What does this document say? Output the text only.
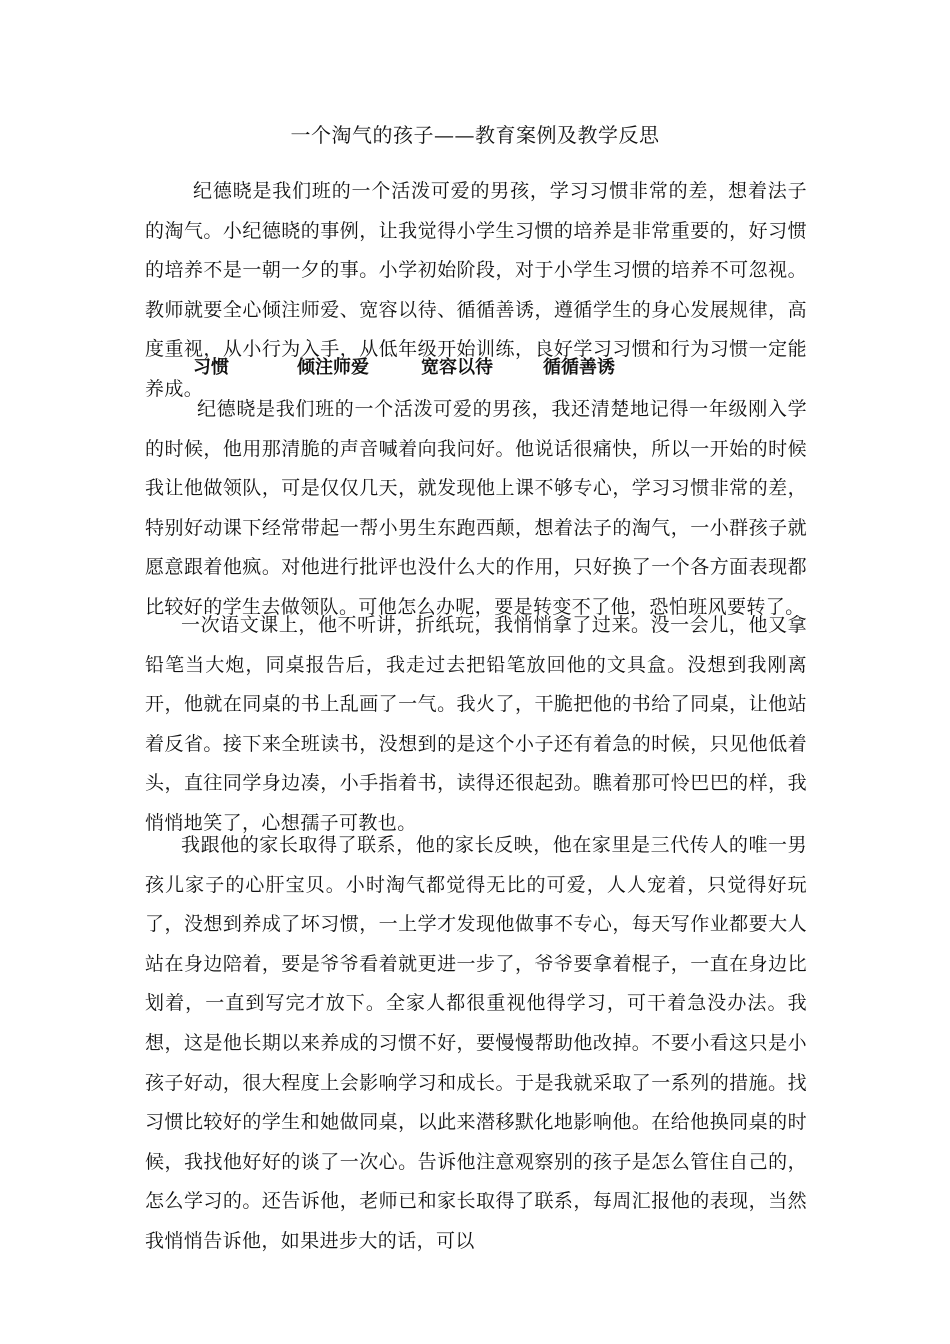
一个淘气的孩子——教育案例及教学反思

纪德晓是我们班的一个活泼可爱的男孩，学习习惯非常的差，想着法子的淘气。小纪德晓的事例，让我觉得小学生习惯的培养是非常重要的，好习惯的培养不是一朝一夕的事。小学初始阶段，对于小学生习惯的培养不可忽视。教师就要全心倾注师爱、宽容以待、循循善诱，遵循学生的身心发展规律，高度重视，从小行为入手，从低年级开始训练，良好学习习惯和行为习惯一定能养成。

习惯	倾注师爱	宽容以待	循循善诱

纪德晓是我们班的一个活泼可爱的男孩，我还清楚地记得一年级刚入学的时候，他用那清脆的声音喊着向我问好。他说话很痛快，所以一开始的时候我让他做领队，可是仅仅几天，就发现他上课不够专心，学习习惯非常的差，特别好动课下经常带起一帮小男生东跑西颠，想着法子的淘气，一小群孩子就愿意跟着他疯。对他进行批评也没什么大的作用，只好换了一个各方面表现都比较好的学生去做领队。可他怎么办呢，要是转变不了他，恐怕班风要转了。

一次语文课上，他不听讲，折纸玩，我悄悄拿了过来。没一会儿，他又拿铅笔当大炮，同桌报告后，我走过去把铅笔放回他的文具盒。没想到我刚离开，他就在同桌的书上乱画了一气。我火了，干脆把他的书给了同桌，让他站着反省。接下来全班读书，没想到的是这个小子还有着急的时候，只见他低着头，直往同学身边凑，小手指着书，读得还很起劲。瞧着那可怜巴巴的样，我悄悄地笑了，心想孺子可教也。

我跟他的家长取得了联系，他的家长反映，他在家里是三代传人的唯一男孩儿家子的心肝宝贝。小时淘气都觉得无比的可爱，人人宠着，只觉得好玩了，没想到养成了坏习惯，一上学才发现他做事不专心，每天写作业都要大人站在身边陪着，要是爷爷看着就更进一步了，爷爷要拿着棍子，一直在身边比划着，一直到写完才放下。全家人都很重视他得学习，可干着急没办法。我想，这是他长期以来养成的习惯不好，要慢慢帮助他改掉。不要小看这只是小孩子好动，很大程度上会影响学习和成长。于是我就采取了一系列的措施。找习惯比较好的学生和她做同桌，以此来潜移默化地影响他。在给他换同桌的时候，我找他好好的谈了一次心。告诉他注意观察别的孩子是怎么管住自己的，怎么学习的。还告诉他，老师已和家长取得了联系，每周汇报他的表现，当然我悄悄告诉他，如果进步大的话，可以
